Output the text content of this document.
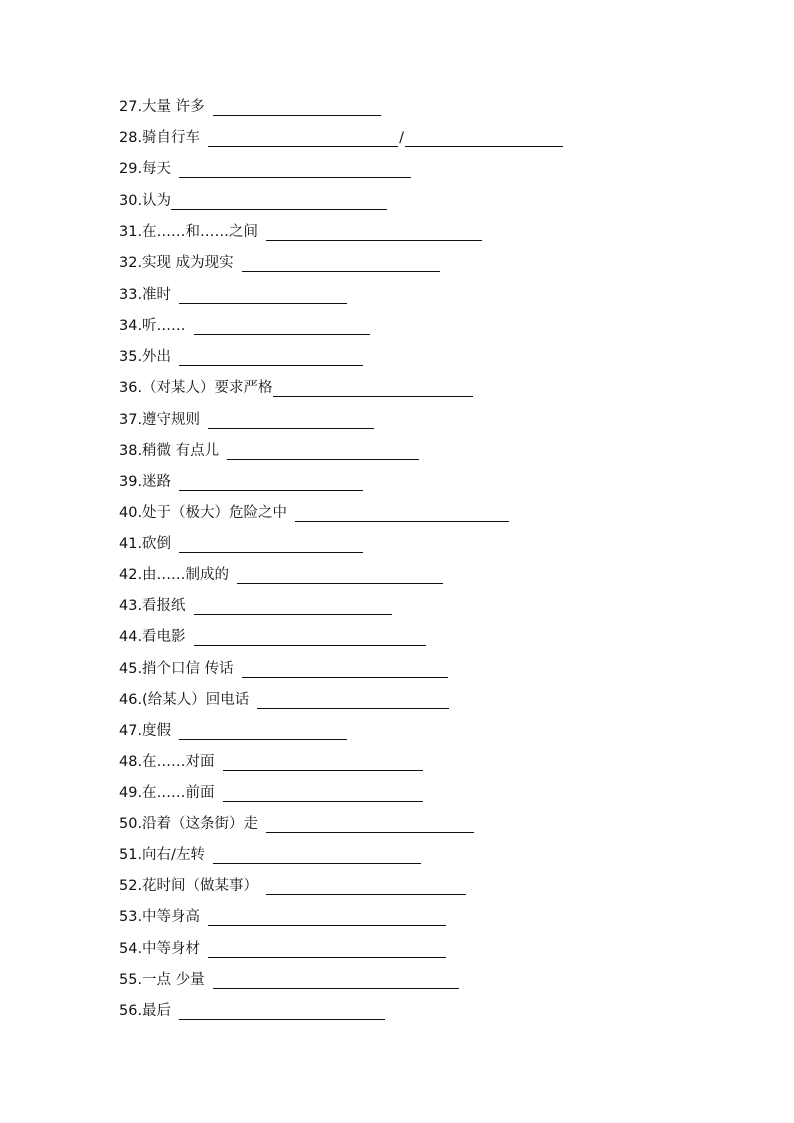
27.大量 许多
28.骑自行车	/
29.每天
30.认为
31.在……和……之间
32.实现 成为现实
33.准时
34.听……
35.外出
36.（对某人）要求严格
37.遵守规则
38.稍微 有点儿
39.迷路
40.处于（极大）危险之中
41.砍倒
42.由……制成的
43.看报纸
44.看电影
45.捎个口信 传话
46.(给某人）回电话
47.度假
48.在……对面
49.在……前面
50.沿着（这条街）走
51.向右/左转
52.花时间（做某事）
53.中等身高
54.中等身材
55.一点 少量
56.最后
